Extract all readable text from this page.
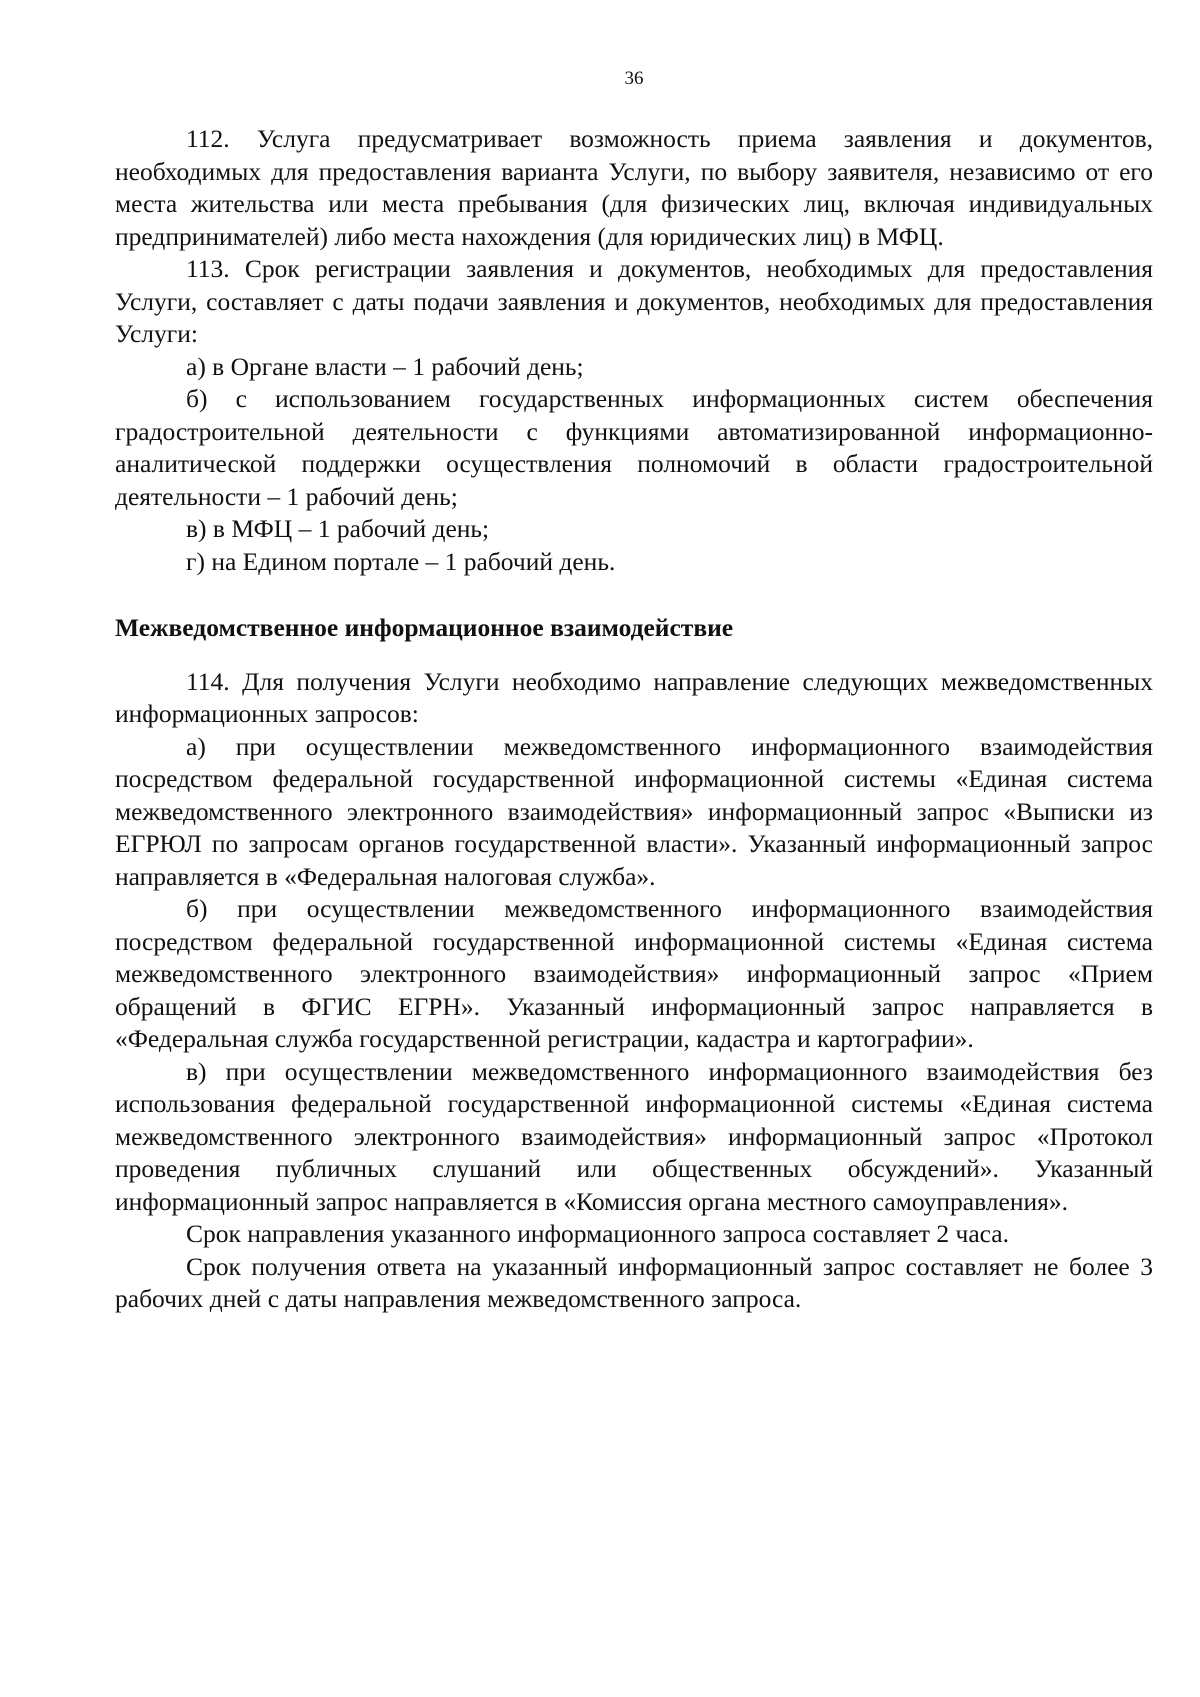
36

112. Услуга предусматривает возможность приема заявления и документов, необходимых для предоставления варианта Услуги, по выбору заявителя, независимо от его места жительства или места пребывания (для физических лиц, включая индивидуальных предпринимателей) либо места нахождения (для юридических лиц) в МФЦ.

113. Срок регистрации заявления и документов, необходимых для предоставления Услуги, составляет с даты подачи заявления и документов, необходимых для предоставления Услуги:

а) в Органе власти – 1 рабочий день;

б) с использованием государственных информационных систем обеспечения градостроительной деятельности с функциями автоматизированной информационно-аналитической поддержки осуществления полномочий в области градостроительной деятельности – 1 рабочий день;

в) в МФЦ – 1 рабочий день;

г) на Едином портале – 1 рабочий день.

Межведомственное информационное взаимодействие

114. Для получения Услуги необходимо направление следующих межведомственных информационных запросов:

а) при осуществлении межведомственного информационного взаимодействия посредством федеральной государственной информационной системы «Единая система межведомственного электронного взаимодействия» информационный запрос «Выписки из ЕГРЮЛ по запросам органов государственной власти». Указанный информационный запрос направляется в «Федеральная налоговая служба».

б) при осуществлении межведомственного информационного взаимодействия посредством федеральной государственной информационной системы «Единая система межведомственного электронного взаимодействия» информационный запрос «Прием обращений в ФГИС ЕГРН». Указанный информационный запрос направляется в «Федеральная служба государственной регистрации, кадастра и картографии».

в) при осуществлении межведомственного информационного взаимодействия без использования федеральной государственной информационной системы «Единая система межведомственного электронного взаимодействия» информационный запрос «Протокол проведения публичных слушаний или общественных обсуждений». Указанный информационный запрос направляется в «Комиссия органа местного самоуправления».

Срок направления указанного информационного запроса составляет 2 часа.

Срок получения ответа на указанный информационный запрос составляет не более 3 рабочих дней с даты направления межведомственного запроса.
